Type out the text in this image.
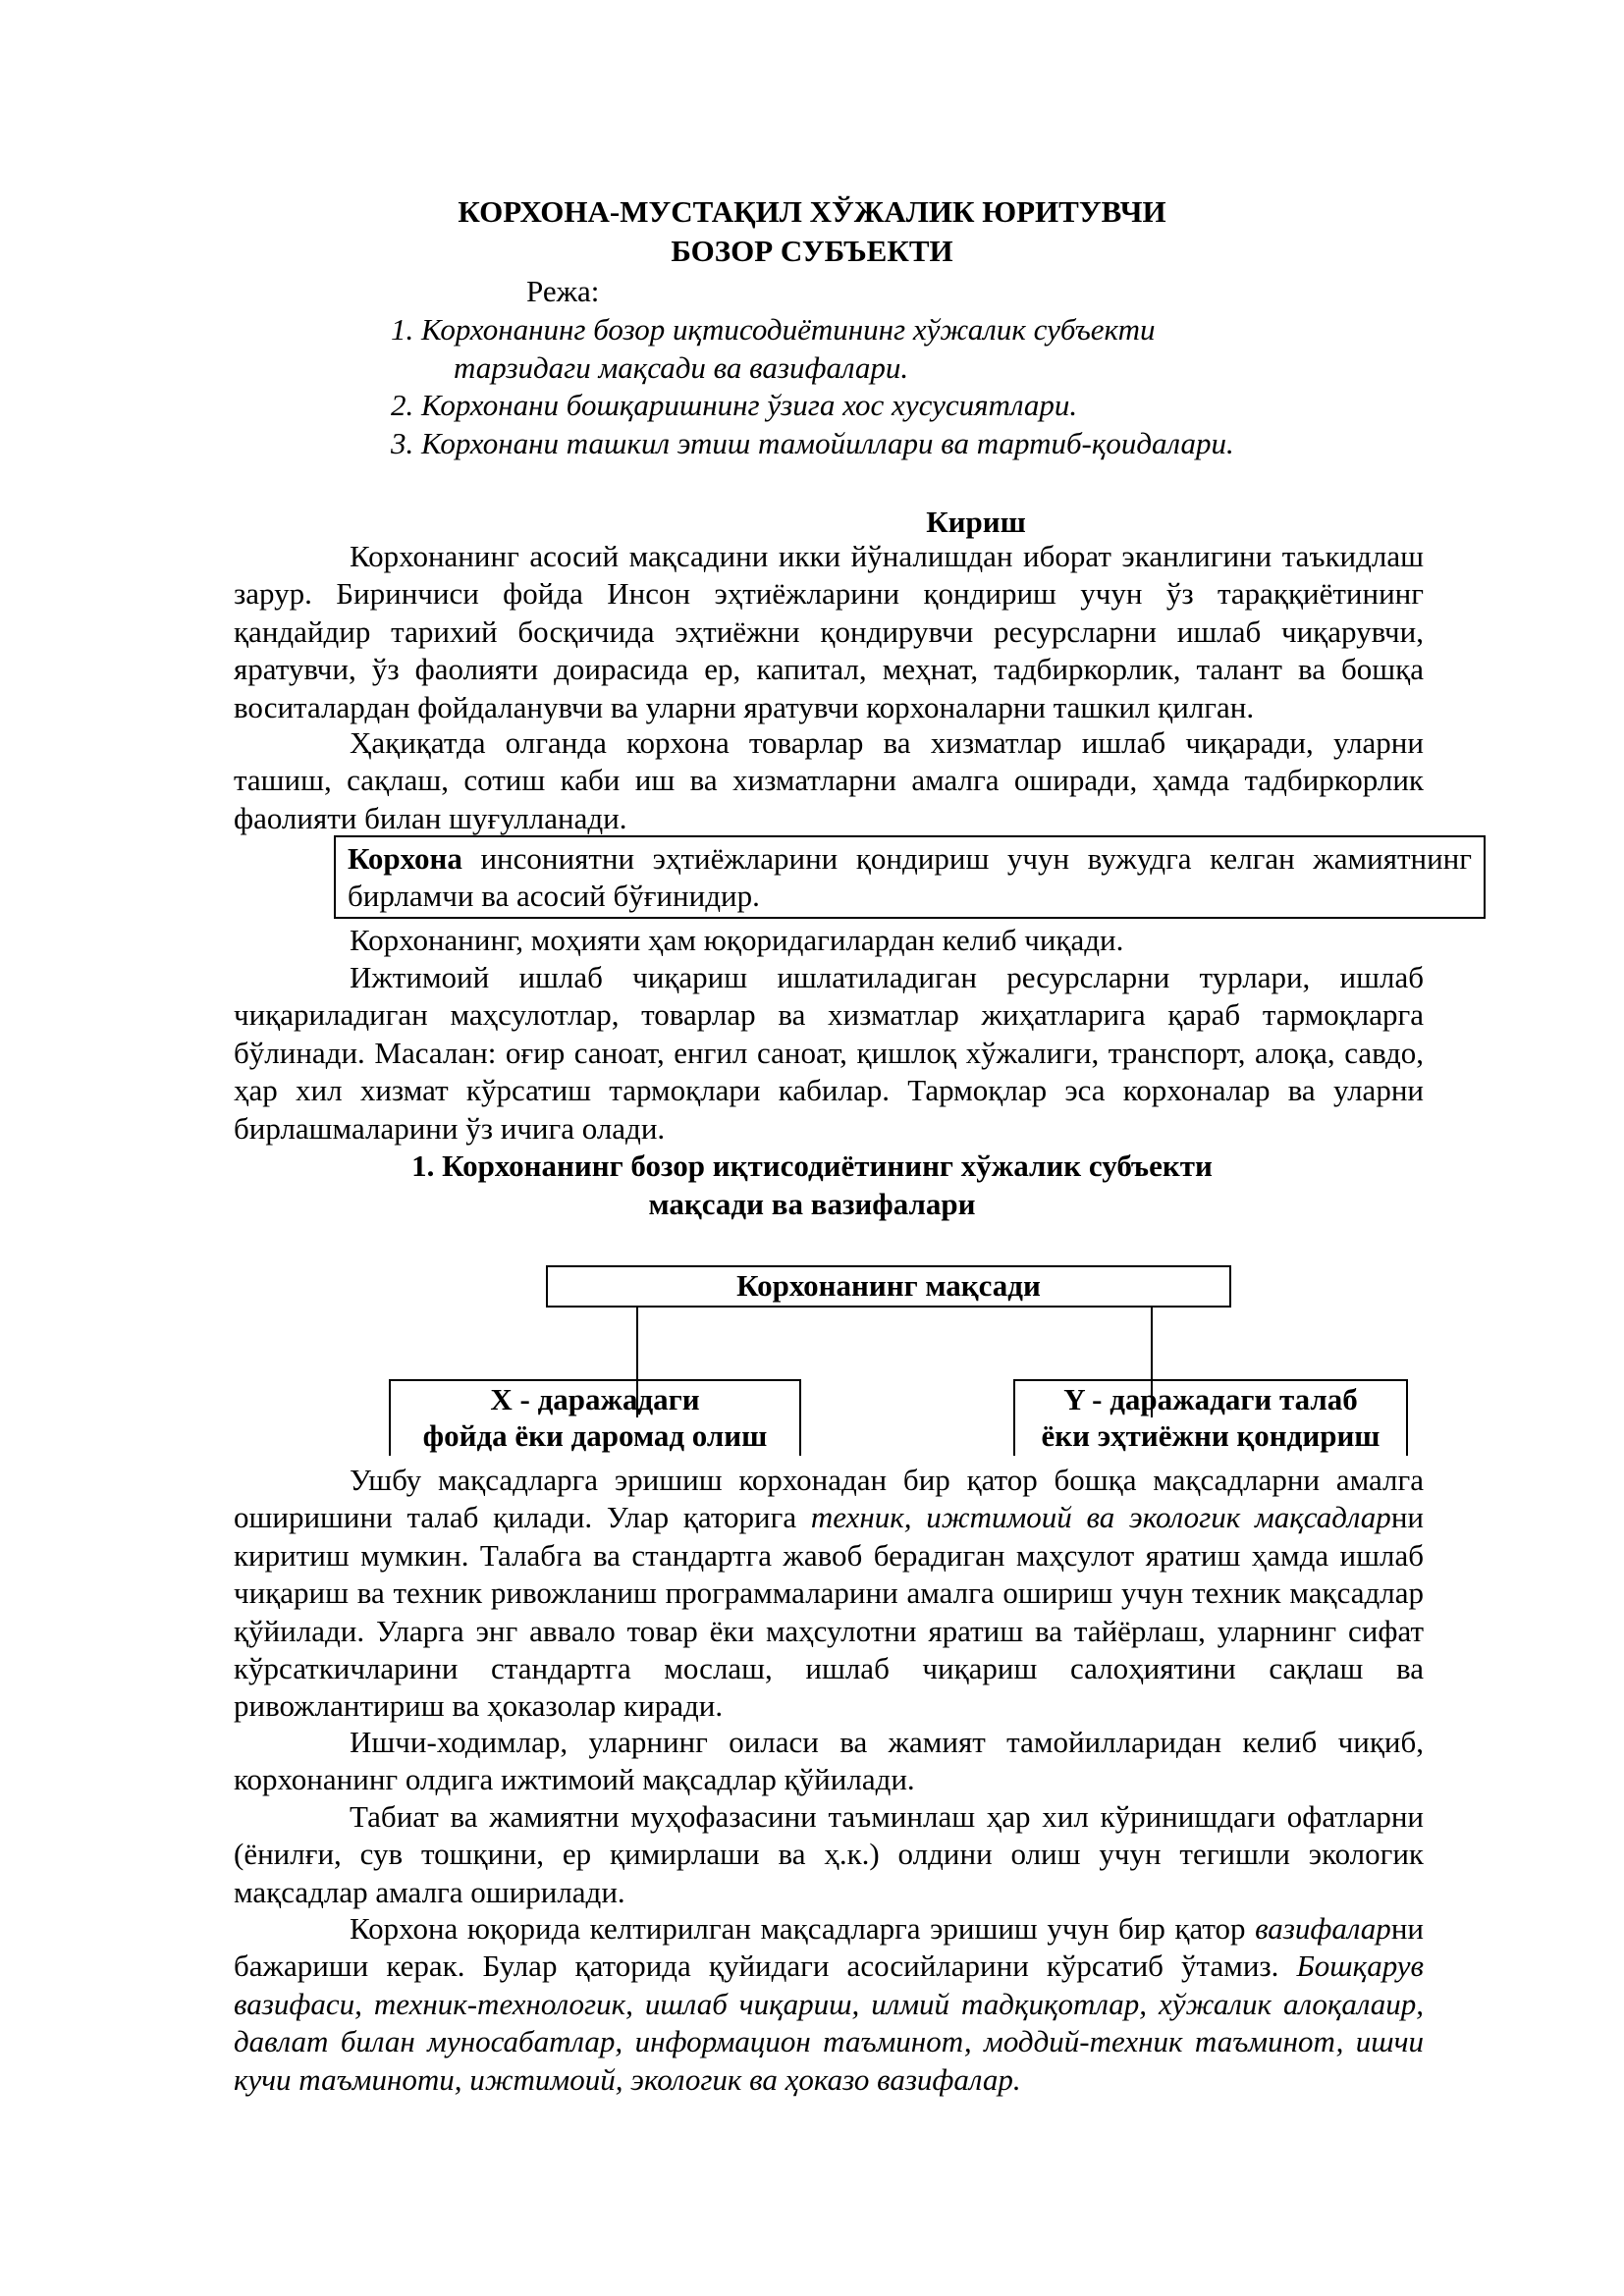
КОРХОНА-МУСТАҚИЛ ХЎЖАЛИК ЮРИТУВЧИ
БОЗОР СУБЪЕКТИ
Режа:
1. Корхонанинг бозор иқтисодиётининг хўжалик субъекти
тарзидаги мақсади ва вазифалари.
2. Корхонани бошқаришнинг ўзига хос хусусиятлари.
3. Корхонани ташкил этиш тамойиллари ва тартиб-қоидалари.
Кириш
Корхонанинг асосий мақсадини икки йўналишдан иборат эканлигини таъкидлаш зарур. Биринчиси фойда Инсон эҳтиёжларини қондириш учун ўз тараққиётининг қандайдир тарихий босқичида эҳтиёжни қондирувчи ресурсларни ишлаб чиқарувчи, яратувчи, ўз фаолияти доирасида ер, капитал, меҳнат, тадбиркорлик, талант ва бошқа воситалардан фойдаланувчи ва уларни яратувчи корхоналарни ташкил қилган.
Ҳақиқатда олганда корхона товарлар ва хизматлар ишлаб чиқаради, уларни ташиш, сақлаш, сотиш каби иш ва хизматларни амалга оширади, ҳамда тадбиркорлик фаолияти билан шуғулланади.
Корхона инсониятни эҳтиёжларини қондириш учун вужудга келган жамиятнинг бирламчи ва асосий бўғинидир.
Корхонанинг, моҳияти ҳам юқоридагилардан келиб чиқади.
Ижтимоий ишлаб чиқариш ишлатиладиган ресурсларни турлари, ишлаб чиқариладиган маҳсулотлар, товарлар ва хизматлар жиҳатларига қараб тармоқларга бўлинади. Масалан: оғир саноат, енгил саноат, қишлоқ хўжалиги, транспорт, алоқа, савдо, ҳар хил хизмат кўрсатиш тармоқлари кабилар. Тармоқлар эса корхоналар ва уларни бирлашмаларини ўз ичига олади.
1. Корхонанинг бозор иқтисодиётининг хўжалик субъекти
мақсади ва вазифалари
Корхонанинг мақсади
X - даражадаги
фойда ёки даромад олиш
Y - даражадаги талаб
ёки эҳтиёжни қондириш
Ушбу мақсадларга эришиш корхонадан бир қатор бошқа мақсадларни амалга оширишини талаб қилади. Улар қаторига техник, ижтимоий ва экологик мақсадларни киритиш мумкин. Талабга ва стандартга жавоб берадиган маҳсулот яратиш ҳамда ишлаб чиқариш ва техник ривожланиш программаларини амалга ошириш учун техник мақсадлар қўйилади. Уларга энг аввало товар ёки маҳсулотни яратиш ва тайёрлаш, уларнинг сифат кўрсаткичларини стандартга мослаш, ишлаб чиқариш салоҳиятини сақлаш ва ривожлантириш ва ҳоказолар киради.
Ишчи-ходимлар, уларнинг оиласи ва жамият тамойилларидан келиб чиқиб, корхонанинг олдига ижтимоий мақсадлар қўйилади.
Табиат ва жамиятни муҳофазасини таъминлаш ҳар хил кўринишдаги офатларни (ёнилғи, сув тошқини, ер қимирлаши ва ҳ.к.) олдини олиш учун тегишли экологик мақсадлар амалга оширилади.
Корхона юқорида келтирилган мақсадларга эришиш учун бир қатор вазифаларни бажариши керак. Булар қаторида қуйидаги асосийларини кўрсатиб ўтамиз. Бошқарув вазифаси, техник-технологик, ишлаб чиқариш, илмий тадқиқотлар, хўжалик алоқалаир, давлат билан муносабатлар, информацион таъминот, моддий-техник таъминот, ишчи кучи таъминоти, ижтимоий, экологик ва ҳоказо вазифалар.
